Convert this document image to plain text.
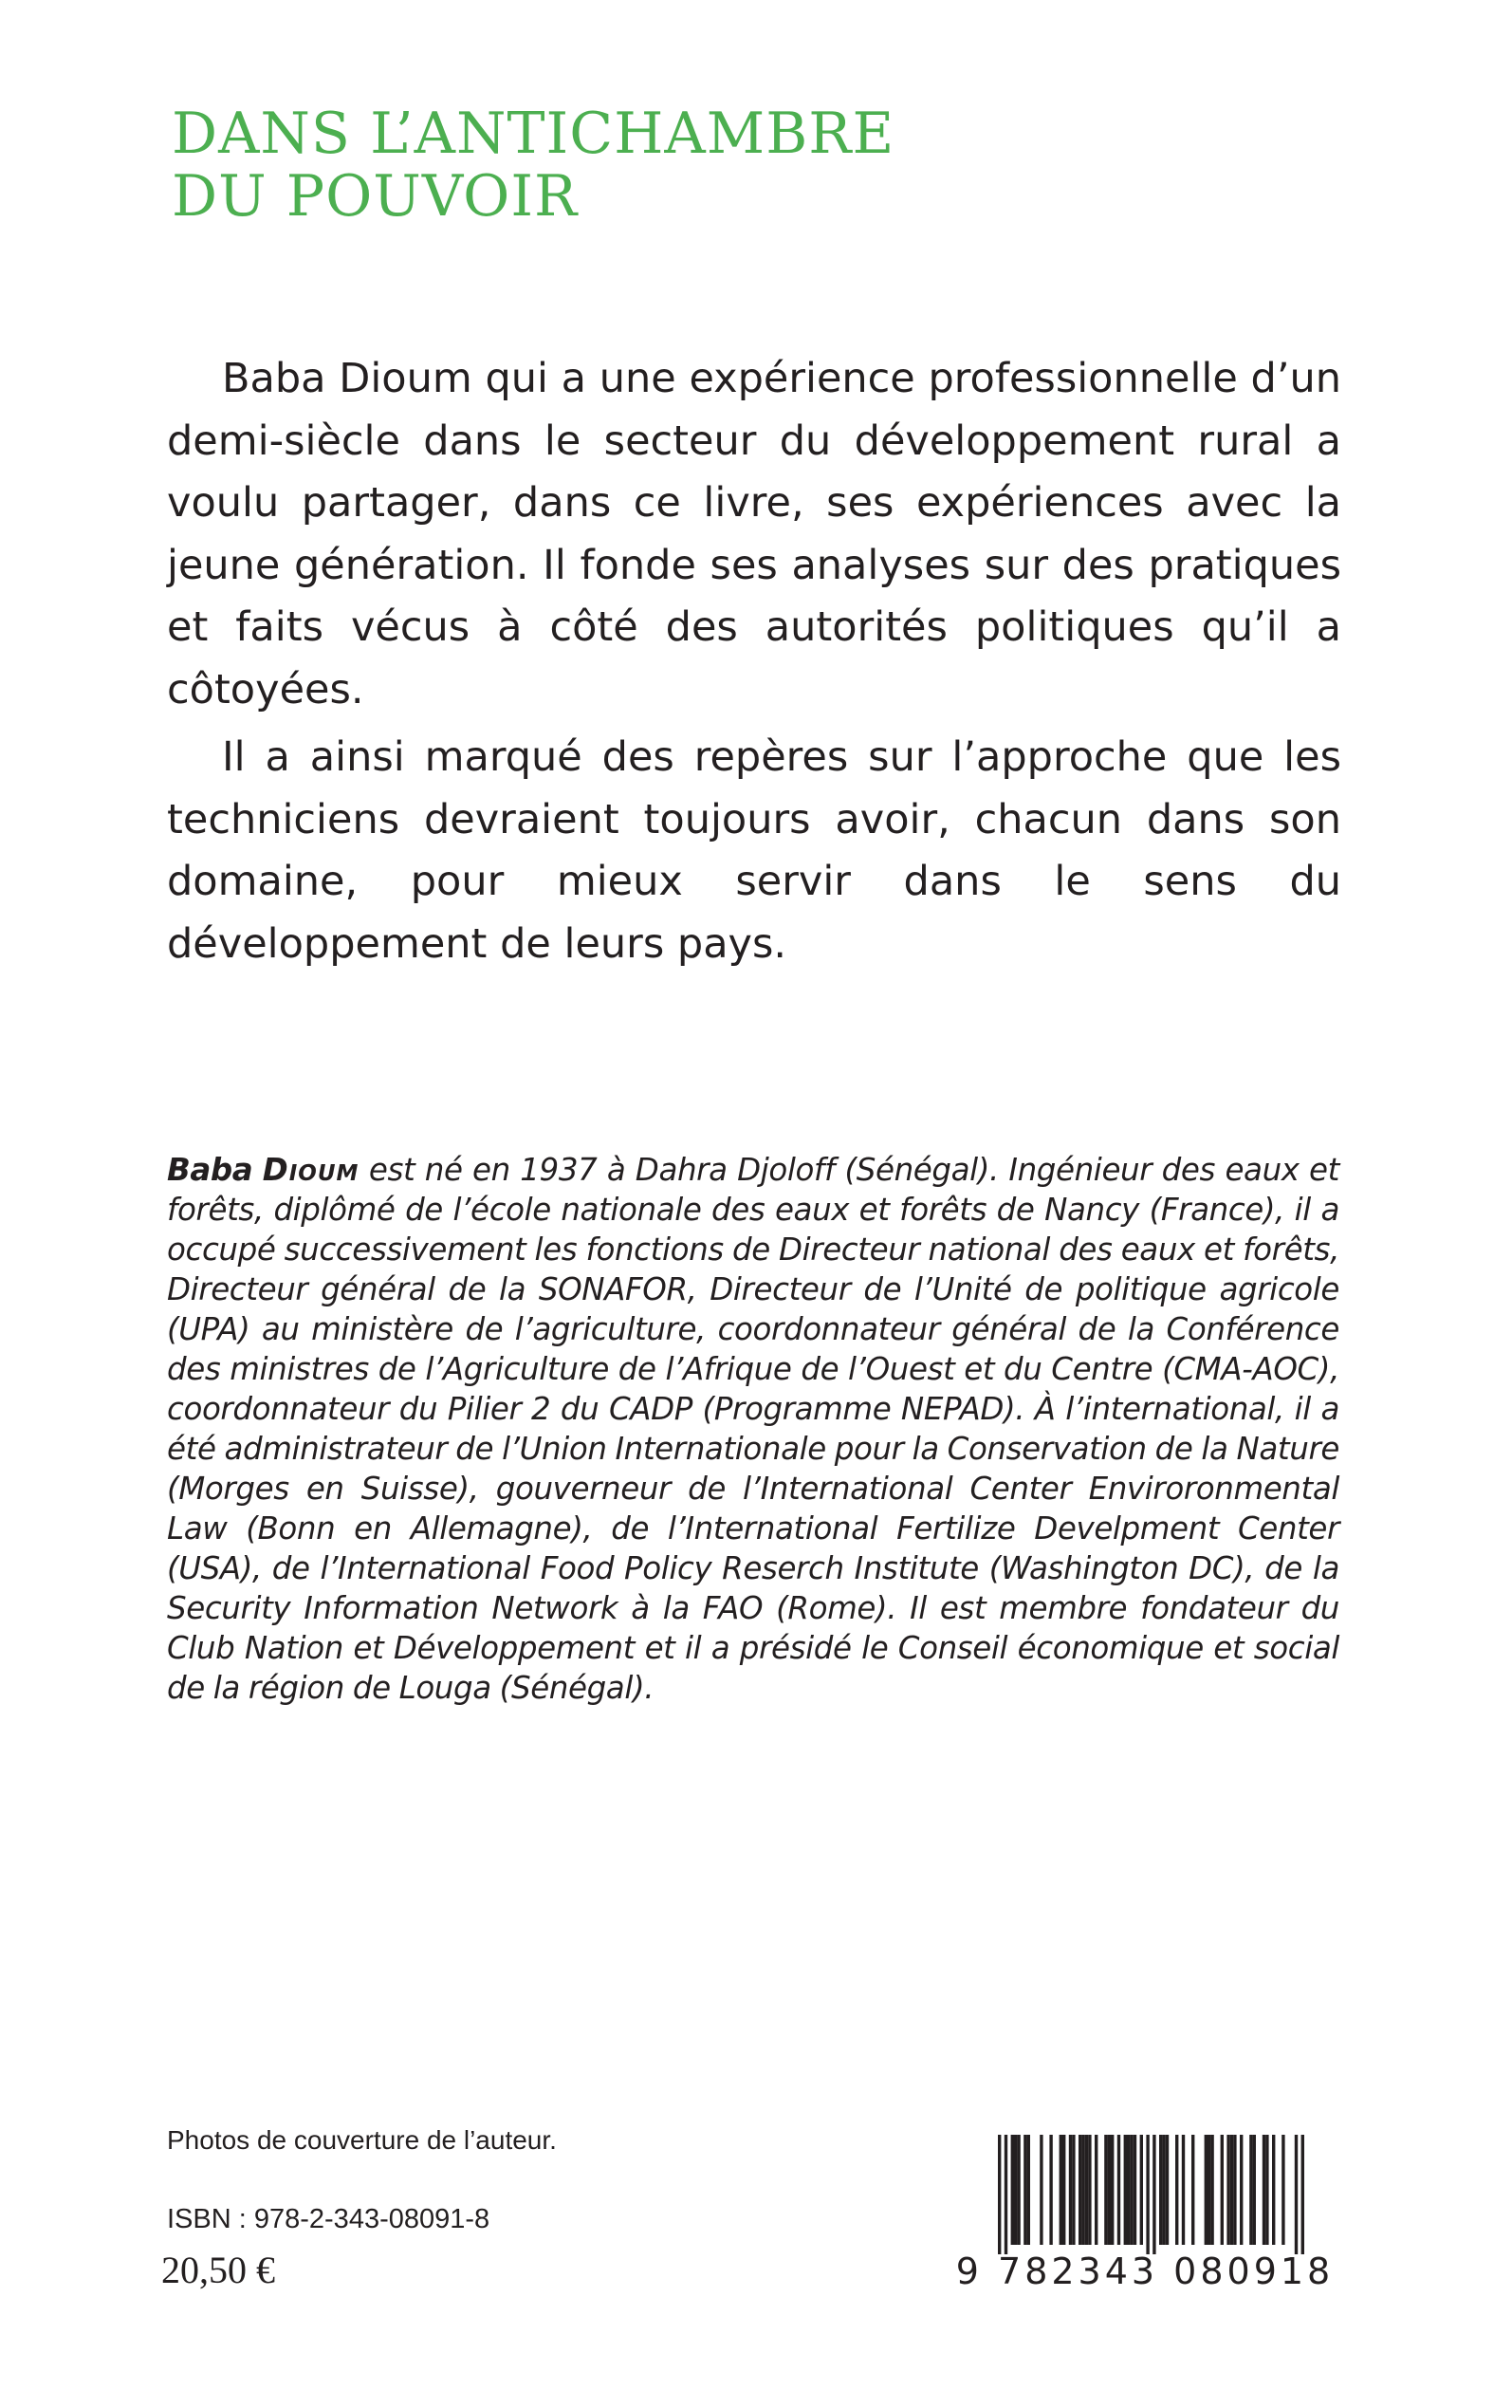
DANS L’ANTICHAMBRE
DU POUVOIR

Baba Dioum qui a une expérience professionnelle d’un demi-siècle dans le secteur du développement rural a voulu partager, dans ce livre, ses expériences avec la jeune génération. Il fonde ses analyses sur des pratiques et faits vécus à côté des autorités politiques qu’il a côtoyées.

Il a ainsi marqué des repères sur l’approche que les techniciens devraient toujours avoir, chacun dans son domaine, pour mieux servir dans le sens du développement de leurs pays.

Baba Dioum est né en 1937 à Dahra Djoloff (Sénégal). Ingénieur des eaux et forêts, diplômé de l’école nationale des eaux et forêts de Nancy (France), il a occupé successivement les fonctions de Directeur national des eaux et forêts, Directeur général de la SONAFOR, Directeur de l’Unité de politique agricole (UPA) au ministère de l’agriculture, coordonnateur général de la Conférence des ministres de l’Agriculture de l’Afrique de l’Ouest et du Centre (CMA-AOC), coordonnateur du Pilier 2 du CADP (Programme NEPAD). À l’international, il a été administrateur de l’Union Internationale pour la Conservation de la Nature (Morges en Suisse), gouverneur de l’International Center Enviroronmental Law (Bonn en Allemagne), de l’International Fertilize Develpment Center (USA), de l’International Food Policy Reserch Institute (Washington DC), de la Security Information Network à la FAO (Rome). Il est membre fondateur du Club Nation et Développement et il a présidé le Conseil économique et social de la région de Louga (Sénégal).
Photos de couverture de l’auteur.
ISBN : 978-2-343-08091-8
20,50 €	9 782343 080918
